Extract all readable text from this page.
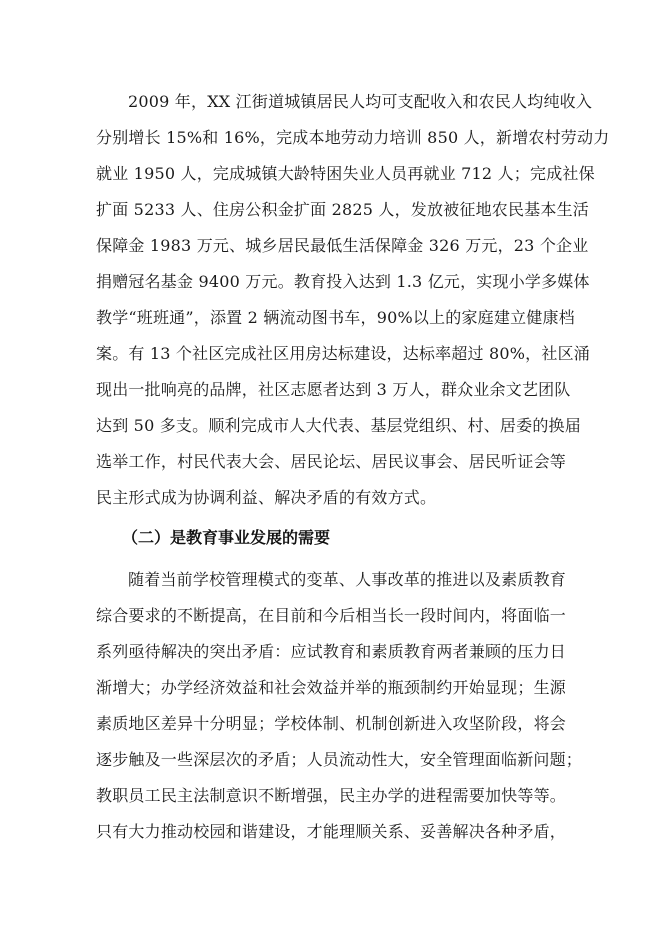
2009 年，XX 江街道城镇居民人均可支配收入和农民人均纯收入
分别增长 15%和 16%，完成本地劳动力培训 850 人，新增农村劳动力
就业 1950 人，完成城镇大龄特困失业人员再就业 712 人；完成社保
扩面 5233 人、住房公积金扩面 2825 人，发放被征地农民基本生活
保障金 1983 万元、城乡居民最低生活保障金 326 万元，23 个企业
捐赠冠名基金 9400 万元。教育投入达到 1.3 亿元，实现小学多媒体
教学“班班通”，添置 2 辆流动图书车，90%以上的家庭建立健康档
案。有 13 个社区完成社区用房达标建设，达标率超过 80%，社区涌
现出一批响亮的品牌，社区志愿者达到 3 万人，群众业余文艺团队
达到 50 多支。顺利完成市人大代表、基层党组织、村、居委的换届
选举工作，村民代表大会、居民论坛、居民议事会、居民听证会等
民主形式成为协调利益、解决矛盾的有效方式。
（二）是教育事业发展的需要
随着当前学校管理模式的变革、人事改革的推进以及素质教育
综合要求的不断提高，在目前和今后相当长一段时间内，将面临一
系列亟待解决的突出矛盾：应试教育和素质教育两者兼顾的压力日
渐增大；办学经济效益和社会效益并举的瓶颈制约开始显现；生源
素质地区差异十分明显；学校体制、机制创新进入攻坚阶段，将会
逐步触及一些深层次的矛盾；人员流动性大，安全管理面临新问题；
教职员工民主法制意识不断增强，民主办学的进程需要加快等等。
只有大力推动校园和谐建设，才能理顺关系、妥善解决各种矛盾，
